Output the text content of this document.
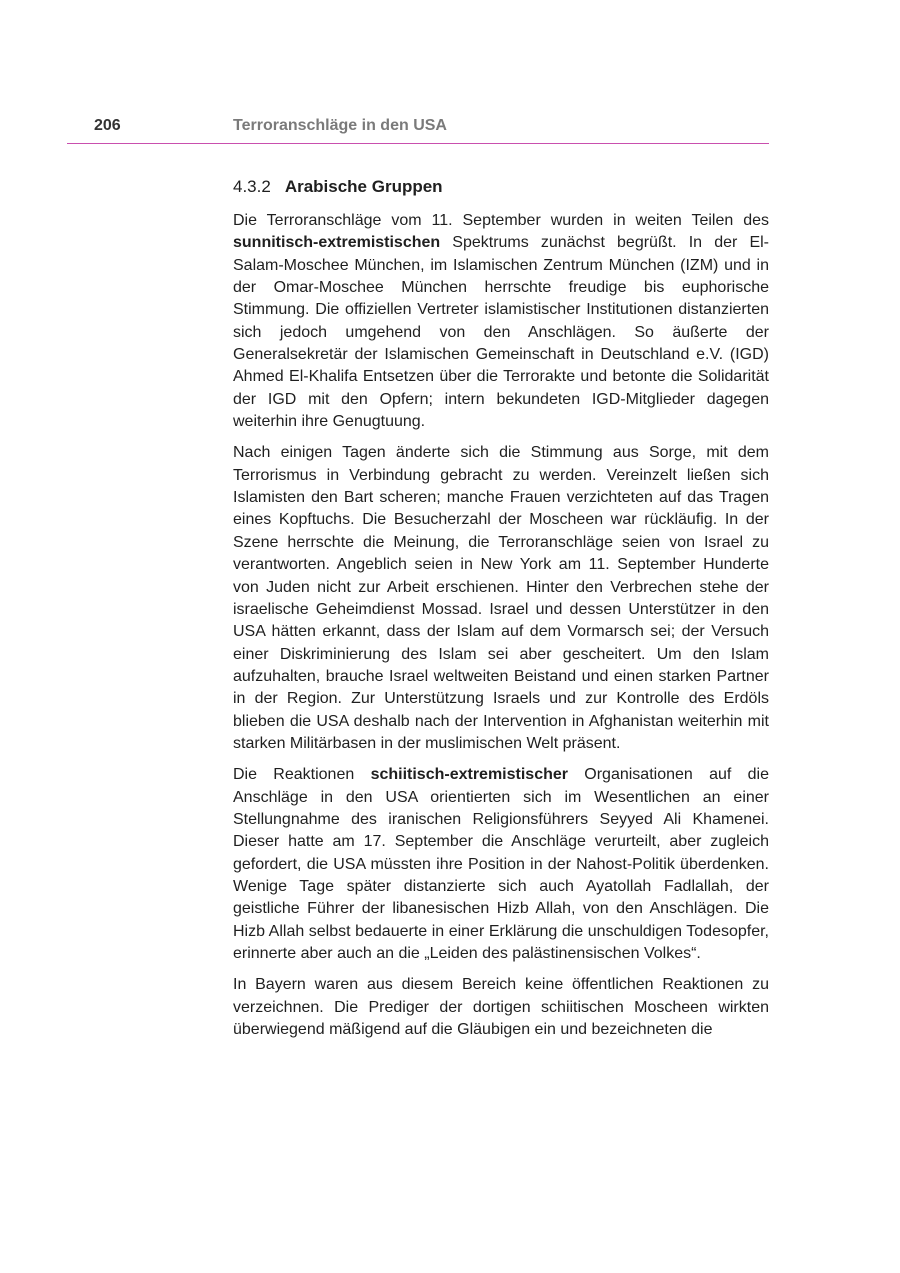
206	Terroranschläge in den USA
4.3.2 Arabische Gruppen

Die Terroranschläge vom 11. September wurden in weiten Teilen des sunnitisch-extremistischen Spektrums zunächst begrüßt. In der El-Salam-Moschee München, im Islamischen Zentrum München (IZM) und in der Omar-Moschee München herrschte freudige bis euphorische Stimmung. Die offiziellen Vertreter islamistischer Institutionen distanzierten sich jedoch umgehend von den Anschlägen. So äußerte der Generalsekretär der Islamischen Gemeinschaft in Deutschland e.V. (IGD) Ahmed El-Khalifa Entsetzen über die Terrorakte und betonte die Solidarität der IGD mit den Opfern; intern bekundeten IGD-Mitglieder dagegen weiterhin ihre Genugtuung.

Nach einigen Tagen änderte sich die Stimmung aus Sorge, mit dem Terrorismus in Verbindung gebracht zu werden. Vereinzelt ließen sich Islamisten den Bart scheren; manche Frauen verzichteten auf das Tragen eines Kopftuchs. Die Besucherzahl der Moscheen war rückläufig. In der Szene herrschte die Meinung, die Terroranschläge seien von Israel zu verantworten. Angeblich seien in New York am 11. September Hunderte von Juden nicht zur Arbeit erschienen. Hinter den Verbrechen stehe der israelische Geheimdienst Mossad. Israel und dessen Unterstützer in den USA hätten erkannt, dass der Islam auf dem Vormarsch sei; der Versuch einer Diskriminierung des Islam sei aber gescheitert. Um den Islam aufzuhalten, brauche Israel weltweiten Beistand und einen starken Partner in der Region. Zur Unterstützung Israels und zur Kontrolle des Erdöls blieben die USA deshalb nach der Intervention in Afghanistan weiterhin mit starken Militärbasen in der muslimischen Welt präsent.

Die Reaktionen schiitisch-extremistischer Organisationen auf die Anschläge in den USA orientierten sich im Wesentlichen an einer Stellungnahme des iranischen Religionsführers Seyyed Ali Khamenei. Dieser hatte am 17. September die Anschläge verurteilt, aber zugleich gefordert, die USA müssten ihre Position in der Nahost-Politik überdenken. Wenige Tage später distanzierte sich auch Ayatollah Fadlallah, der geistliche Führer der libanesischen Hizb Allah, von den Anschlägen. Die Hizb Allah selbst bedauerte in einer Erklärung die unschuldigen Todesopfer, erinnerte aber auch an die „Leiden des palästinensischen Volkes“.

In Bayern waren aus diesem Bereich keine öffentlichen Reaktionen zu verzeichnen. Die Prediger der dortigen schiitischen Moscheen wirkten überwiegend mäßigend auf die Gläubigen ein und bezeichneten die
